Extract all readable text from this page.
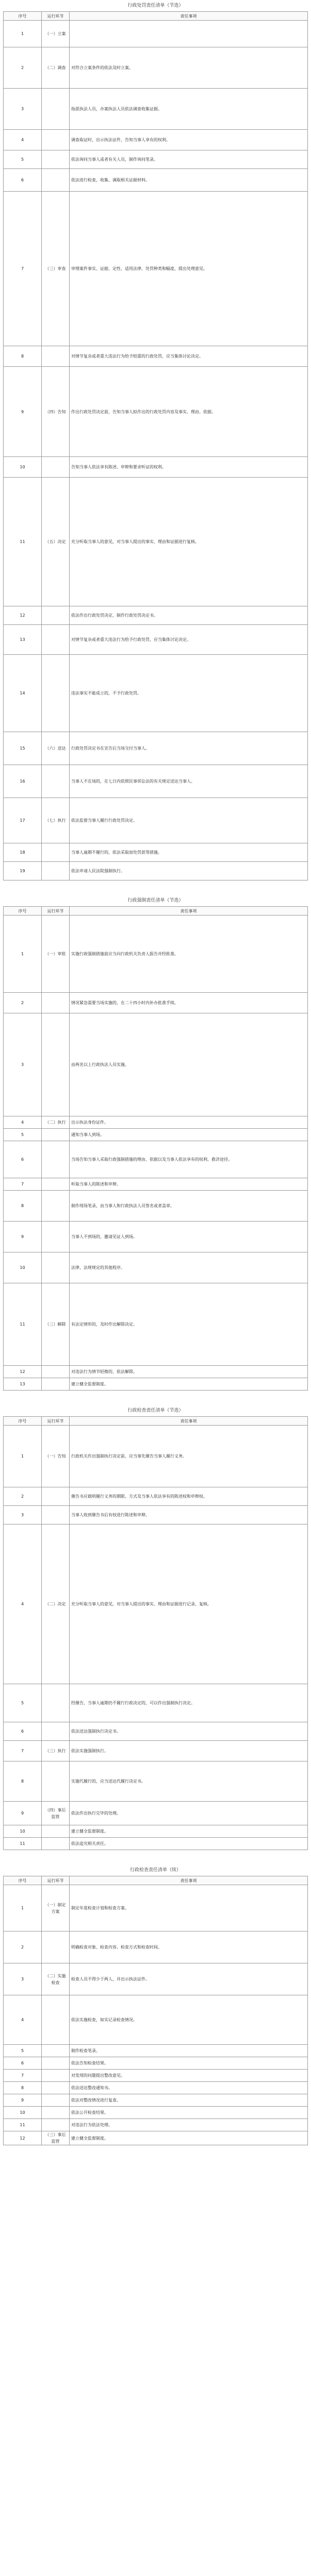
行政处罚责任清单（节选）
序号	运行环节	责任事项
1	（一）立案	
2	（二）调查	对符合立案条件的依法及时立案。
3		指派执法人员，办案执法人员依法调查收集证据。
4		调查取证时，出示执法证件，告知当事人享有的权利。
5		依法询问当事人或者有关人员，制作询问笔录。
6		依法进行检查，收集、调取相关证据材料。
7	（三）审查	审理案件事实、证据、定性、适用法律、处罚种类和幅度，提出处理意见。
8		对情节复杂或者重大违法行为给予较重的行政处罚，应当集体讨论决定。
9	（四）告知	作出行政处罚决定前，告知当事人拟作出的行政处罚内容及事实、理由、依据。
10		告知当事人依法享有陈述、申辩和要求听证的权利。
11	（五）决定	充分听取当事人的意见，对当事人提出的事实、理由和证据进行复核。
12		依法作出行政处罚决定，制作行政处罚决定书。
13		对情节复杂或者重大违法行为给予行政处罚，应当集体讨论决定。
14		违法事实不能成立的，不予行政处罚。
15	（六）送达	行政处罚决定书在宣告后当场交付当事人。
16		当事人不在场的，在七日内依照民事诉讼法的有关规定送达当事人。
17	（七）执行	依法监督当事人履行行政处罚决定。
18		当事人逾期不履行的，依法采取加处罚款等措施。
19		依法申请人民法院强制执行。
行政强制责任清单（节选）
序号	运行环节	责任事项
1	（一）审批	实施行政强制措施前应当向行政机关负责人报告并经批准。
2		情况紧急需要当场实施的，在二十四小时内补办批准手续。
3		由两名以上行政执法人员实施。
4	（二）执行	出示执法身份证件。
5		通知当事人到场。
6		当场告知当事人采取行政强制措施的理由、依据以及当事人依法享有的权利、救济途径。
7		听取当事人的陈述和申辩。
8		制作现场笔录，由当事人和行政执法人员签名或者盖章。
9		当事人不到场的，邀请见证人到场。
10		法律、法规规定的其他程序。
11	（三）解除	有法定情形的，及时作出解除决定。
12		对违法行为情节轻微的，依法解除。
13		建立健全监督制度。
行政检查责任清单（节选）
序号	运行环节	责任事项
1	（一）告知	行政机关作出强制执行决定前，应当事先催告当事人履行义务。
2		催告书应载明履行义务的期限、方式及当事人依法享有的陈述权和申辩权。
3		当事人收到催告书后有权进行陈述和申辩。
4	（二）决定	充分听取当事人的意见，对当事人提出的事实、理由和证据进行记录、复核。
5		经催告，当事人逾期仍不履行行政决定的，可以作出强制执行决定。
6		依法送达强制执行决定书。
7	（三）执行	依法实施强制执行。
8		实施代履行的，应当送达代履行决定书。
9	（四）事后监管	依法作出执行完毕的处理。
10		建立健全监督制度。
11		依法追究相关责任。
行政检查责任清单（续）
序号	运行环节	责任事项
1	（一）制定方案	制定年度检查计划和检查方案。
2		明确检查对象、检查内容、检查方式和检查时间。
3	（二）实施检查	检查人员不得少于两人，并出示执法证件。
4		依法实施检查，如实记录检查情况。
5		制作检查笔录。
6		依法告知检查结果。
7		对发现的问题提出整改意见。
8		依法送达整改通知书。
9		依法对整改情况进行复查。
10		依法公开检查结果。
11		对违法行为依法处理。
12	（三）事后监管	建立健全监督制度。
